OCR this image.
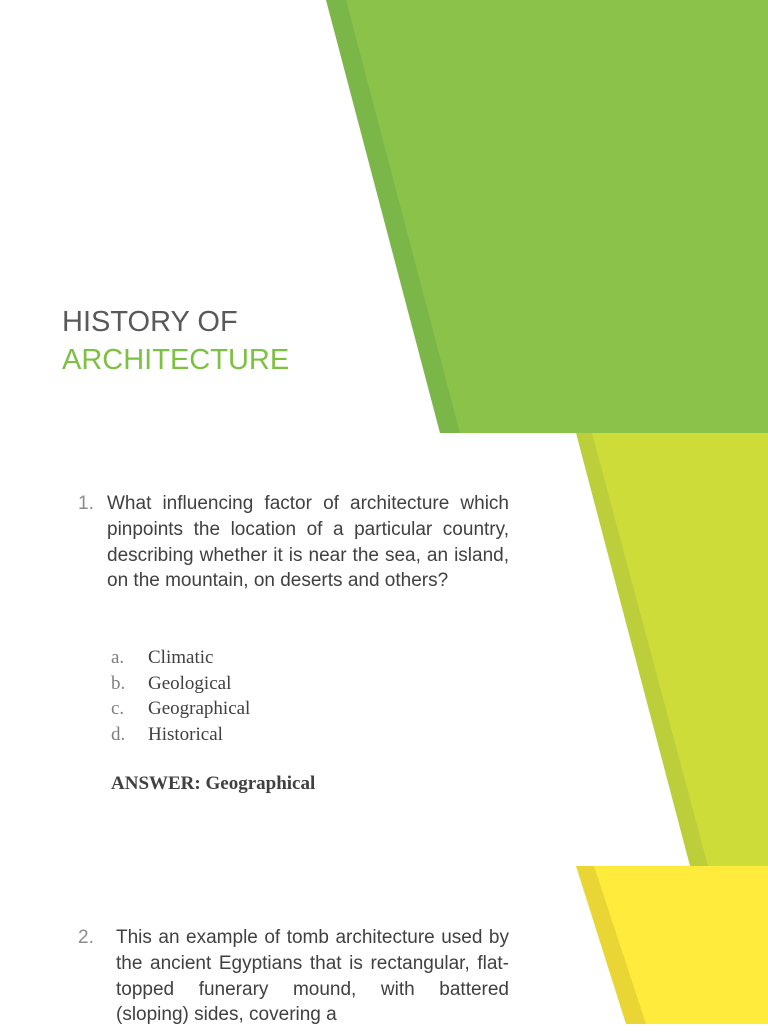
HISTORY OF
ARCHITECTURE
1. What influencing factor of architecture which pinpoints the location of a particular country, describing whether it is near the sea, an island, on the mountain, on deserts and others?
a. Climatic
b. Geological
c. Geographical
d. Historical
ANSWER: Geographical
2. This an example of tomb architecture used by the ancient Egyptians that is rectangular, flat-topped funerary mound, with battered (sloping) sides, covering a
